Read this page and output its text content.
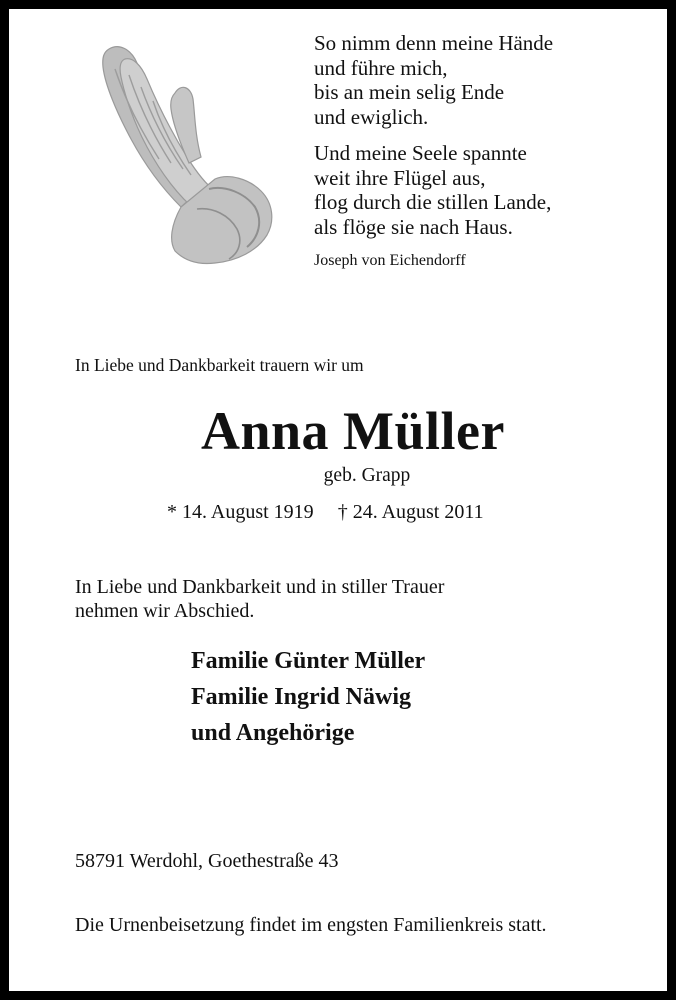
So nimm denn meine Hände
und führe mich,
bis an mein selig Ende
und ewiglich.
Und meine Seele spannte
weit ihre Flügel aus,
flog durch die stillen Lande,
als flöge sie nach Haus.
Joseph von Eichendorff
In Liebe und Dankbarkeit trauern wir um
Anna Müller
geb. Grapp
* 14. August 1919 † 24. August 2011
In Liebe und Dankbarkeit und in stiller Trauer
nehmen wir Abschied.
Familie Günter Müller
Familie Ingrid Näwig
und Angehörige
58791 Werdohl, Goethestraße 43
Die Urnenbeisetzung findet im engsten Familienkreis statt.
